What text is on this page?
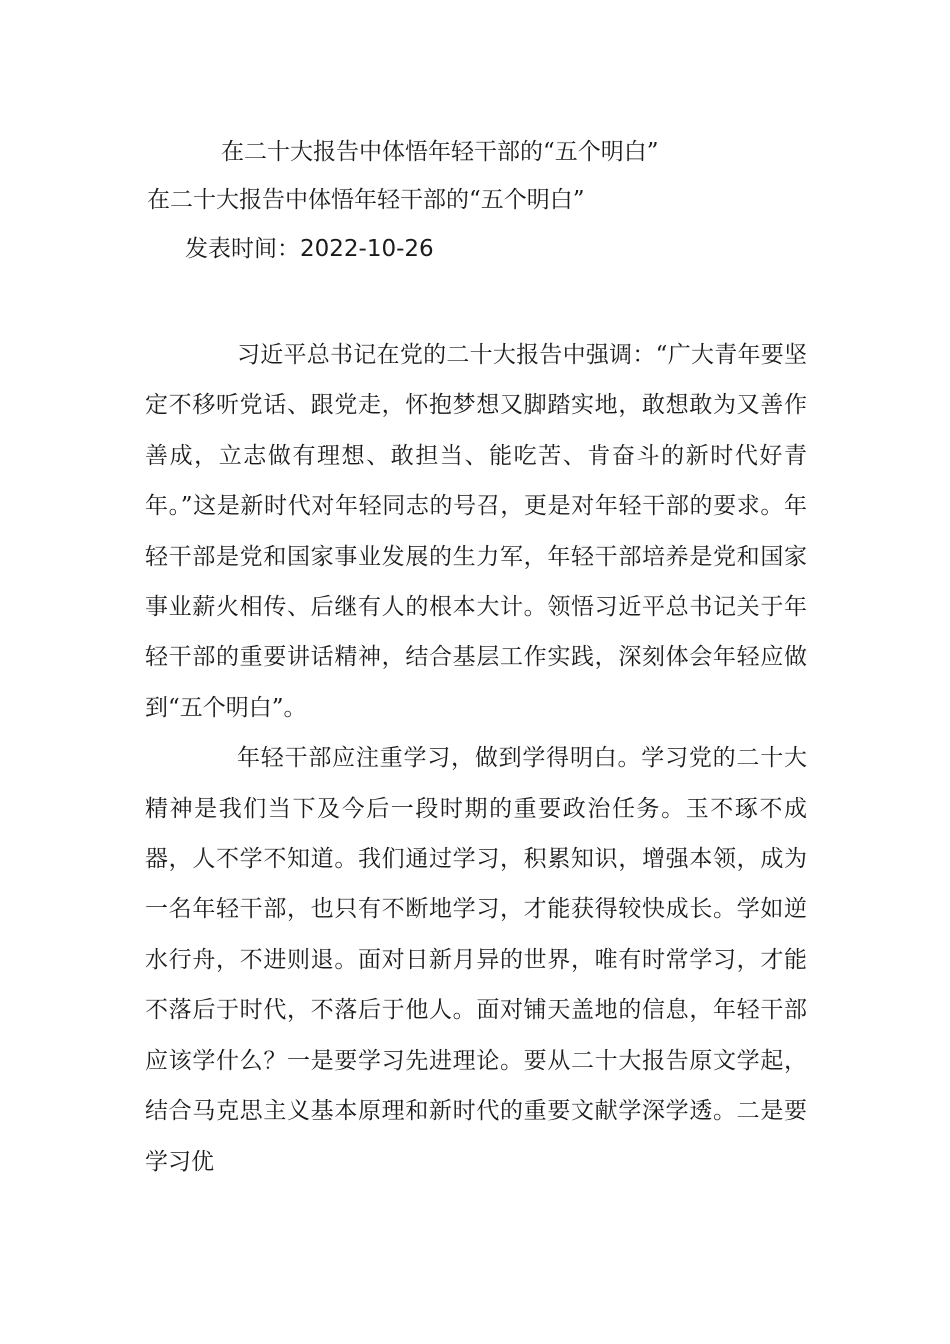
在二十大报告中体悟年轻干部的“五个明白”
在二十大报告中体悟年轻干部的“五个明白”
发表时间：2022-10-26

习近平总书记在党的二十大报告中强调：“广大青年要坚定不移听党话、跟党走，怀抱梦想又脚踏实地，敢想敢为又善作善成，立志做有理想、敢担当、能吃苦、肯奋斗的新时代好青年。”这是新时代对年轻同志的号召，更是对年轻干部的要求。年轻干部是党和国家事业发展的生力军，年轻干部培养是党和国家事业薪火相传、后继有人的根本大计。领悟习近平总书记关于年轻干部的重要讲话精神，结合基层工作实践，深刻体会年轻应做到“五个明白”。

年轻干部应注重学习，做到学得明白。学习党的二十大精神是我们当下及今后一段时期的重要政治任务。玉不琢不成器，人不学不知道。我们通过学习，积累知识，增强本领，成为一名年轻干部，也只有不断地学习，才能获得较快成长。学如逆水行舟，不进则退。面对日新月异的世界，唯有时常学习，才能不落后于时代，不落后于他人。面对铺天盖地的信息，年轻干部应该学什么？一是要学习先进理论。要从二十大报告原文学起，结合马克思主义基本原理和新时代的重要文献学深学透。二是要学习优
